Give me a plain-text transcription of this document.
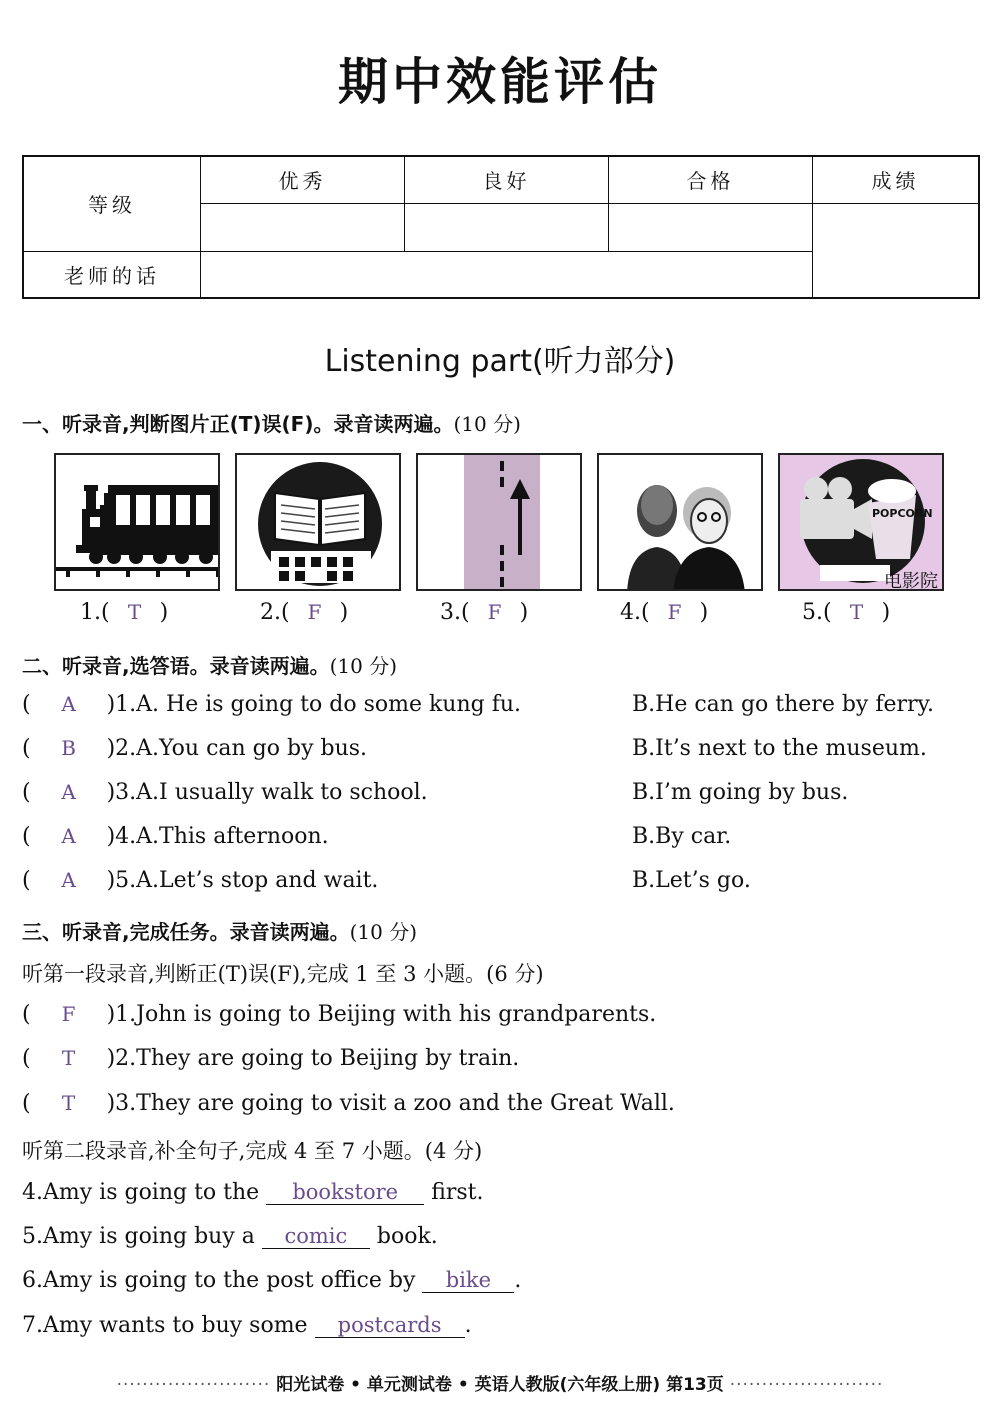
期中效能评估
等级	优秀	良好	合格	成绩

老师的话				
Listening part(听力部分)
一、听录音,判断图片正(T)误(F)。录音读两遍。(10 分)
POPCORN
电影院
1.( T )	2.( F )	3.( F )	4.( F )	5.( T )
二、听录音,选答语。录音读两遍。(10 分)
( A )1.A. He is going to do some kung fu.	B.He can go there by ferry.
( B )2.A.You can go by bus.	B.It’s next to the museum.
( A )3.A.I usually walk to school.	B.I’m going by bus.
( A )4.A.This afternoon.	B.By car.
( A )5.A.Let’s stop and wait.	B.Let’s go.
三、听录音,完成任务。录音读两遍。(10 分)
听第一段录音,判断正(T)误(F),完成 1 至 3 小题。(6 分)
( F )1.John is going to Beijing with his grandparents.
( T )2.They are going to Beijing by train.
( T )3.They are going to visit a zoo and the Great Wall.
听第二段录音,补全句子,完成 4 至 7 小题。(4 分)
4.Amy is going to the bookstore first.
5.Amy is going buy a comic book.
6.Amy is going to the post office by bike .
7.Amy wants to buy some postcards .
························ 阳光试卷 • 单元测试卷 • 英语人教版(六年级上册) 第13页 ························
